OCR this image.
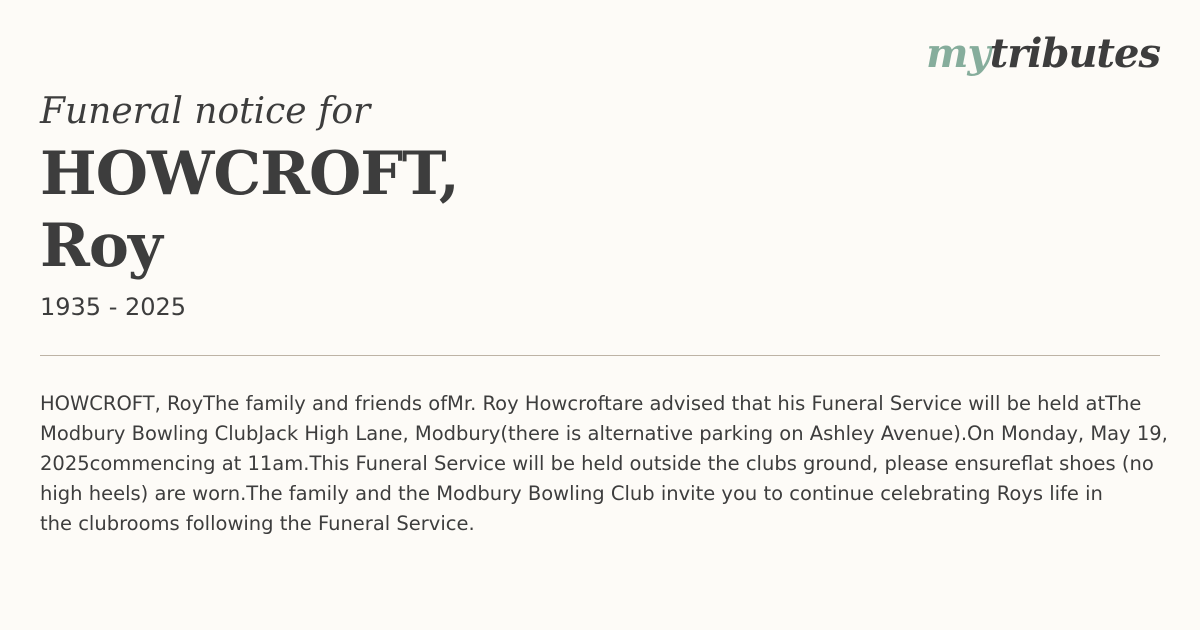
mytributes
Funeral notice for
HOWCROFT,
Roy
1935 - 2025

HOWCROFT, RoyThe family and friends ofMr. Roy Howcroftare advised that his Funeral Service will be held atThe
Modbury Bowling ClubJack High Lane, Modbury(there is alternative parking on Ashley Avenue).On Monday, May 19,
2025commencing at 11am.This Funeral Service will be held outside the clubs ground, please ensureflat shoes (no
high heels) are worn.The family and the Modbury Bowling Club invite you to continue celebrating Roys life in
the clubrooms following the Funeral Service.
